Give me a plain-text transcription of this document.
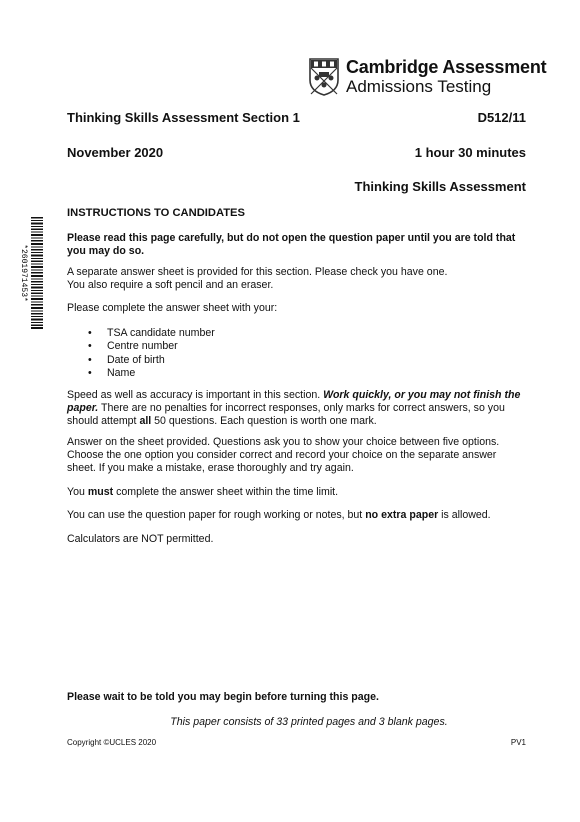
Cambridge Assessment
Admissions Testing
Thinking Skills Assessment Section 1	D512/11
November 2020	1 hour 30 minutes
Thinking Skills Assessment
*2601971453*
INSTRUCTIONS TO CANDIDATES
Please read this page carefully, but do not open the question paper until you are told that you may do so.
A separate answer sheet is provided for this section. Please check you have one.
You also require a soft pencil and an eraser.
Please complete the answer sheet with your:
• TSA candidate number
• Centre number
• Date of birth
• Name
Speed as well as accuracy is important in this section. Work quickly, or you may not finish the paper. There are no penalties for incorrect responses, only marks for correct answers, so you should attempt all 50 questions. Each question is worth one mark.
Answer on the sheet provided. Questions ask you to show your choice between five options. Choose the one option you consider correct and record your choice on the separate answer sheet. If you make a mistake, erase thoroughly and try again.
You must complete the answer sheet within the time limit.
You can use the question paper for rough working or notes, but no extra paper is allowed.
Calculators are NOT permitted.
Please wait to be told you may begin before turning this page.
This paper consists of 33 printed pages and 3 blank pages.
Copyright ©UCLES 2020	PV1
